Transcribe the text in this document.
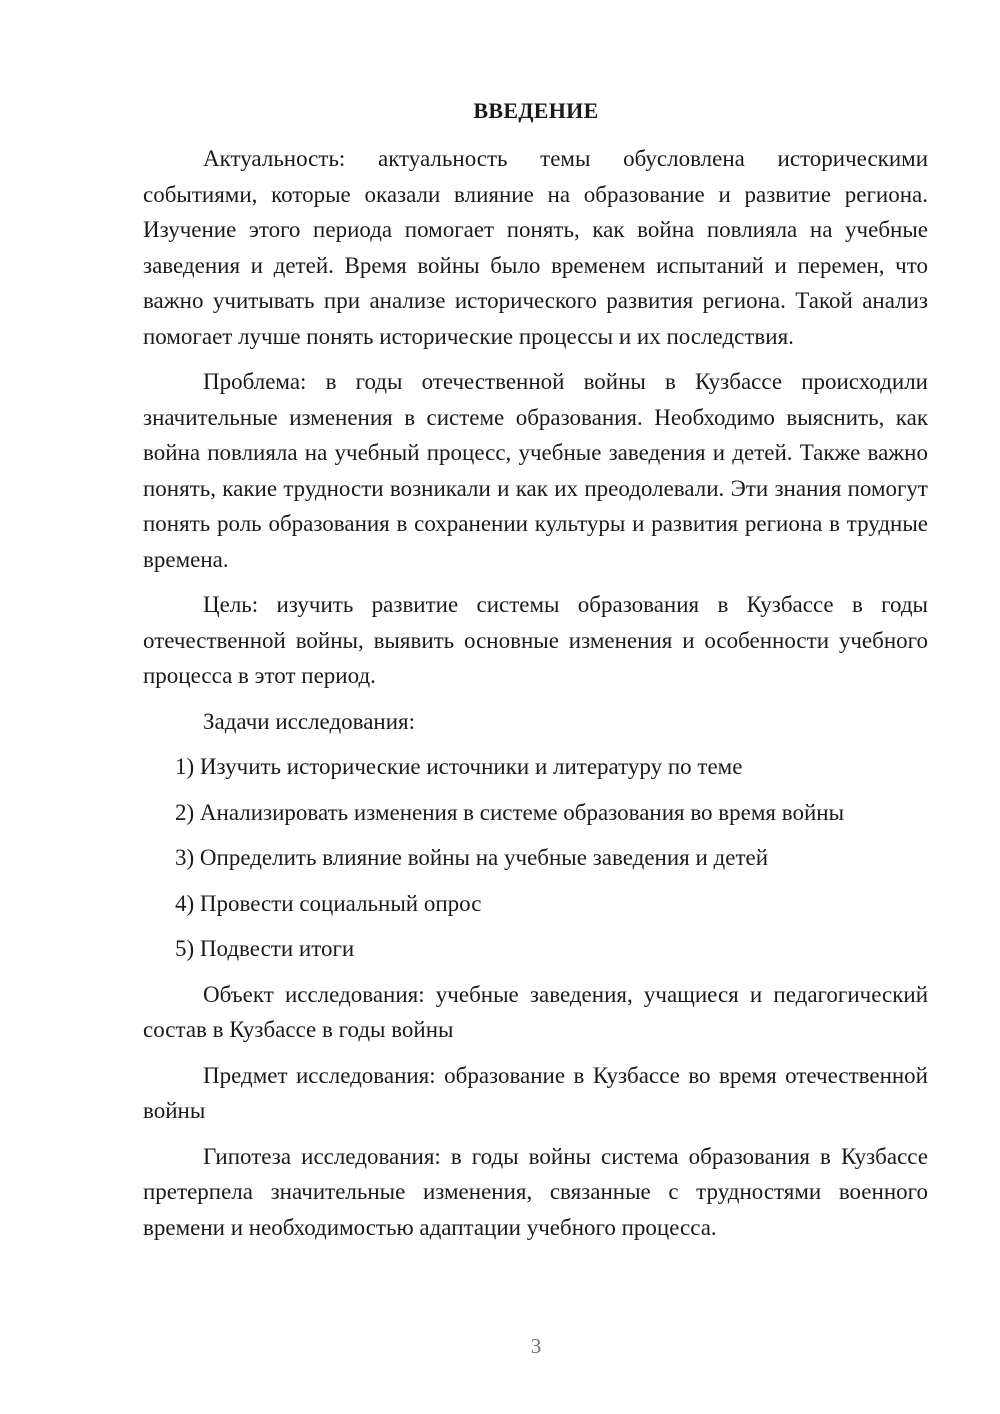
ВВЕДЕНИЕ

Актуальность: актуальность темы обусловлена историческими событиями, которые оказали влияние на образование и развитие региона. Изучение этого периода помогает понять, как война повлияла на учебные заведения и детей. Время войны было временем испытаний и перемен, что важно учитывать при анализе исторического развития региона. Такой анализ помогает лучше понять исторические процессы и их последствия.

Проблема: в годы отечественной войны в Кузбассе происходили значительные изменения в системе образования. Необходимо выяснить, как война повлияла на учебный процесс, учебные заведения и детей. Также важно понять, какие трудности возникали и как их преодолевали. Эти знания помогут понять роль образования в сохранении культуры и развития региона в трудные времена.

Цель: изучить развитие системы образования в Кузбассе в годы отечественной войны, выявить основные изменения и особенности учебного процесса в этот период.

Задачи исследования:

1) Изучить исторические источники и литературу по теме

2) Анализировать изменения в системе образования во время войны

3) Определить влияние войны на учебные заведения и детей

4) Провести социальный опрос

5) Подвести итоги

Объект исследования: учебные заведения, учащиеся и педагогический состав в Кузбассе в годы войны

Предмет исследования: образование в Кузбассе во время отечественной войны

Гипотеза исследования: в годы войны система образования в Кузбассе претерпела значительные изменения, связанные с трудностями военного времени и необходимостью адаптации учебного процесса.

3
